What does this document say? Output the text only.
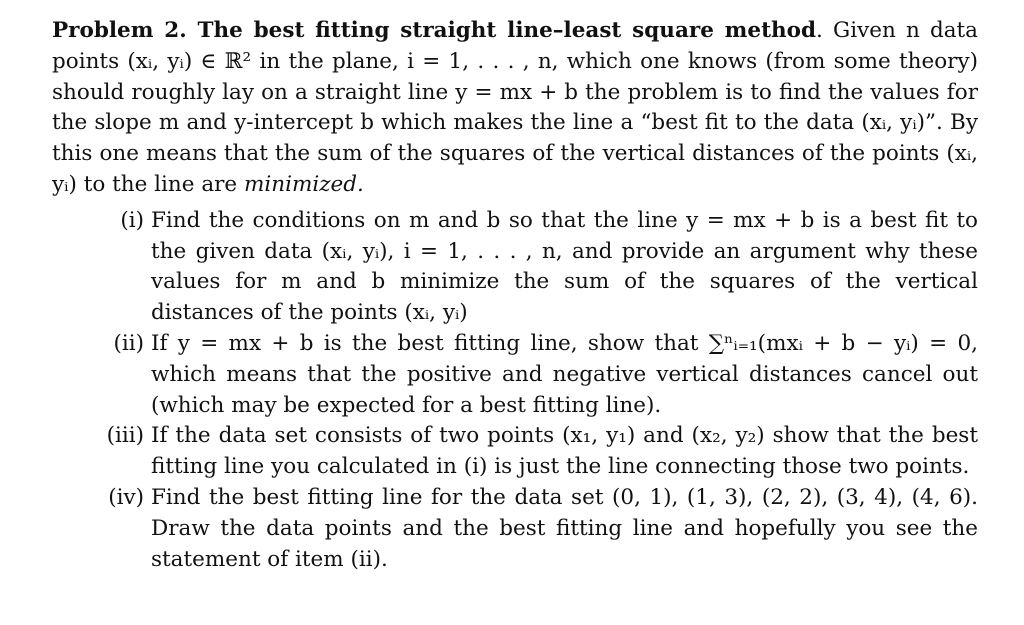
Problem 2. The best fitting straight line–least square method. Given n data points (xᵢ, yᵢ) ∈ ℝ² in the plane, i = 1, . . . , n, which one knows (from some theory) should roughly lay on a straight line y = mx + b the problem is to find the values for the slope m and y-intercept b which makes the line a “best fit to the data (xᵢ, yᵢ)”. By this one means that the sum of the squares of the vertical distances of the points (xᵢ, yᵢ) to the line are minimized.

(i) Find the conditions on m and b so that the line y = mx + b is a best fit to the given data (xᵢ, yᵢ), i = 1, . . . , n, and provide an argument why these values for m and b minimize the sum of the squares of the vertical distances of the points (xᵢ, yᵢ)
(ii) If y = mx + b is the best fitting line, show that ∑ⁿᵢ₌₁(mxᵢ + b − yᵢ) = 0, which means that the positive and negative vertical distances cancel out (which may be expected for a best fitting line).
(iii) If the data set consists of two points (x₁, y₁) and (x₂, y₂) show that the best fitting line you calculated in (i) is just the line connecting those two points.
(iv) Find the best fitting line for the data set (0, 1), (1, 3), (2, 2), (3, 4), (4, 6). Draw the data points and the best fitting line and hopefully you see the statement of item (ii).
